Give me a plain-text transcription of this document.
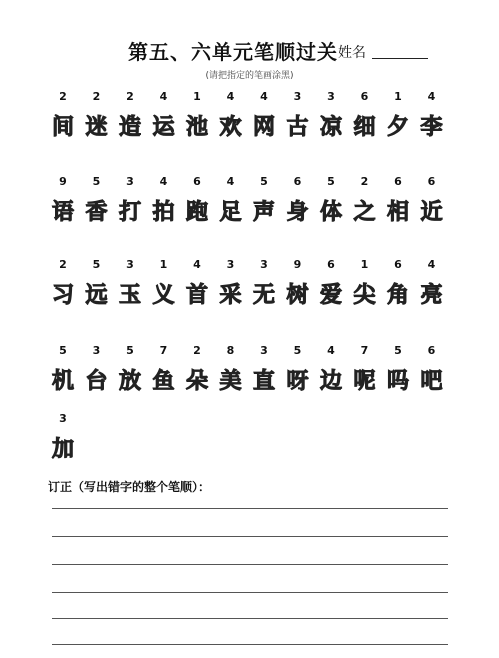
第五、六单元笔顺过关 姓名
(请把指定的笔画涂黑)
2
间
2
迷
2
造
4
运
1
池
4
欢
4
网
3
古
3
凉
6
细
1
夕
4
李
9
语
5
香
3
打
4
拍
6
跑
4
足
5
声
6
身
5
体
2
之
6
相
6
近
2
习
5
远
3
玉
1
义
4
首
3
采
3
无
9
树
6
爱
1
尖
6
角
4
亮
5
机
3
台
5
放
7
鱼
2
朵
8
美
3
直
5
呀
4
边
7
呢
5
吗
6
吧
3
加
订正（写出错字的整个笔顺）：
